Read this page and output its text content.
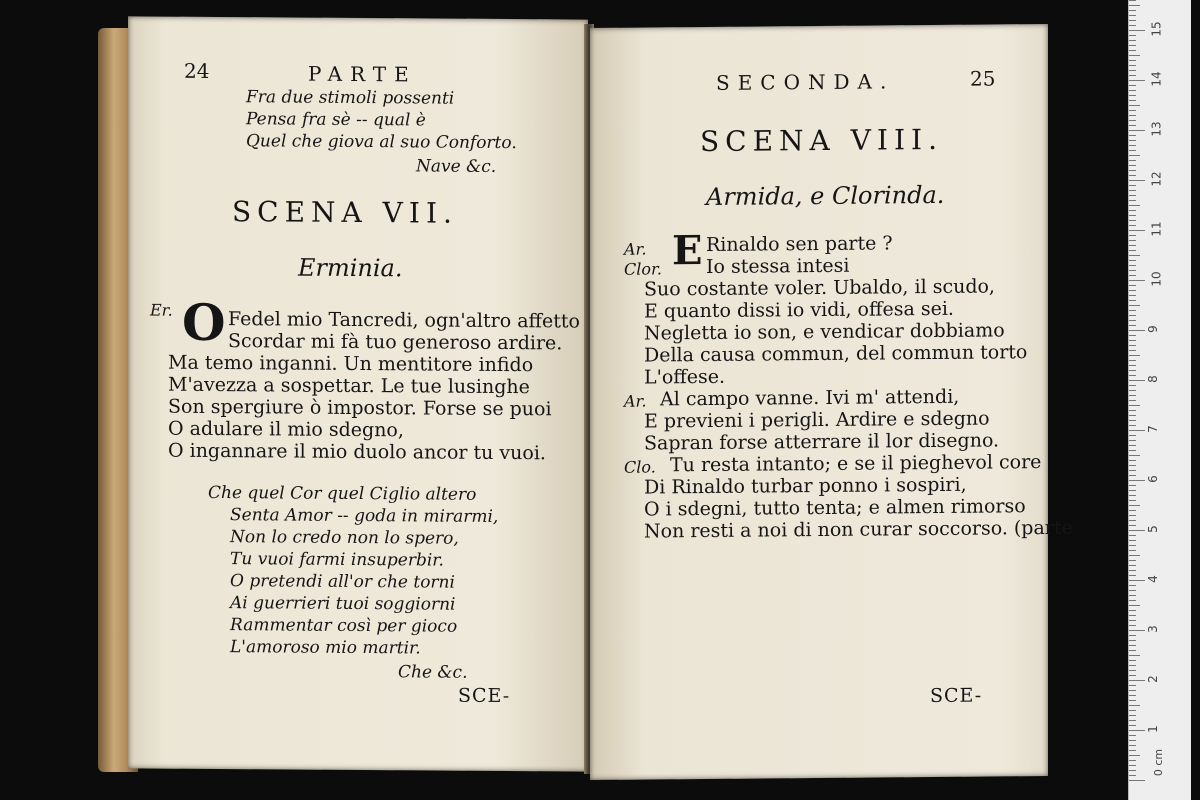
24	PARTE
Fra due stimoli possenti
Pensa fra sè -- qual è
Quel che giova al suo Conforto.
Nave &c.
SCENA VII.
Erminia.
Er. O Fedel mio Tancredi, ogn'altro affetto
Scordar mi fà tuo generoso ardire.
Ma temo inganni. Un mentitore infido
M'avezza a sospettar. Le tue lusinghe
Son spergiure ò impostor. Forse se puoi
O adulare il mio sdegno,
O ingannare il mio duolo ancor tu vuoi.
Che quel Cor quel Ciglio altero
Senta Amor -- goda in mirarmi,
Non lo credo non lo spero,
Tu vuoi farmi insuperbir.
O pretendi all'or che torni
Ai guerrieri tuoi soggiorni
Rammentar così per gioco
L'amoroso mio martir.
Che &c.
SCE-
SECONDA.	25
SCENA VIII.
Armida, e Clorinda.
Ar. E Rinaldo sen parte ?
Clor. Io stessa intesi
Suo costante voler. Ubaldo, il scudo,
E quanto dissi io vidi, offesa sei.
Negletta io son, e vendicar dobbiamo
Della causa commun, del commun torto
L'offese.
Ar. Al campo vanne. Ivi m' attendi,
E previeni i perigli. Ardire e sdegno
Sapran forse atterrare il lor disegno.
Clo. Tu resta intanto; e se il pieghevol core
Di Rinaldo turbar ponno i sospiri,
O i sdegni, tutto tenta; e almen rimorso
Non resti a noi di non curar soccorso. (parte
SCE-
0 cm
1
2
3
4
5
6
7
8
9
10
11
12
13
14
15
